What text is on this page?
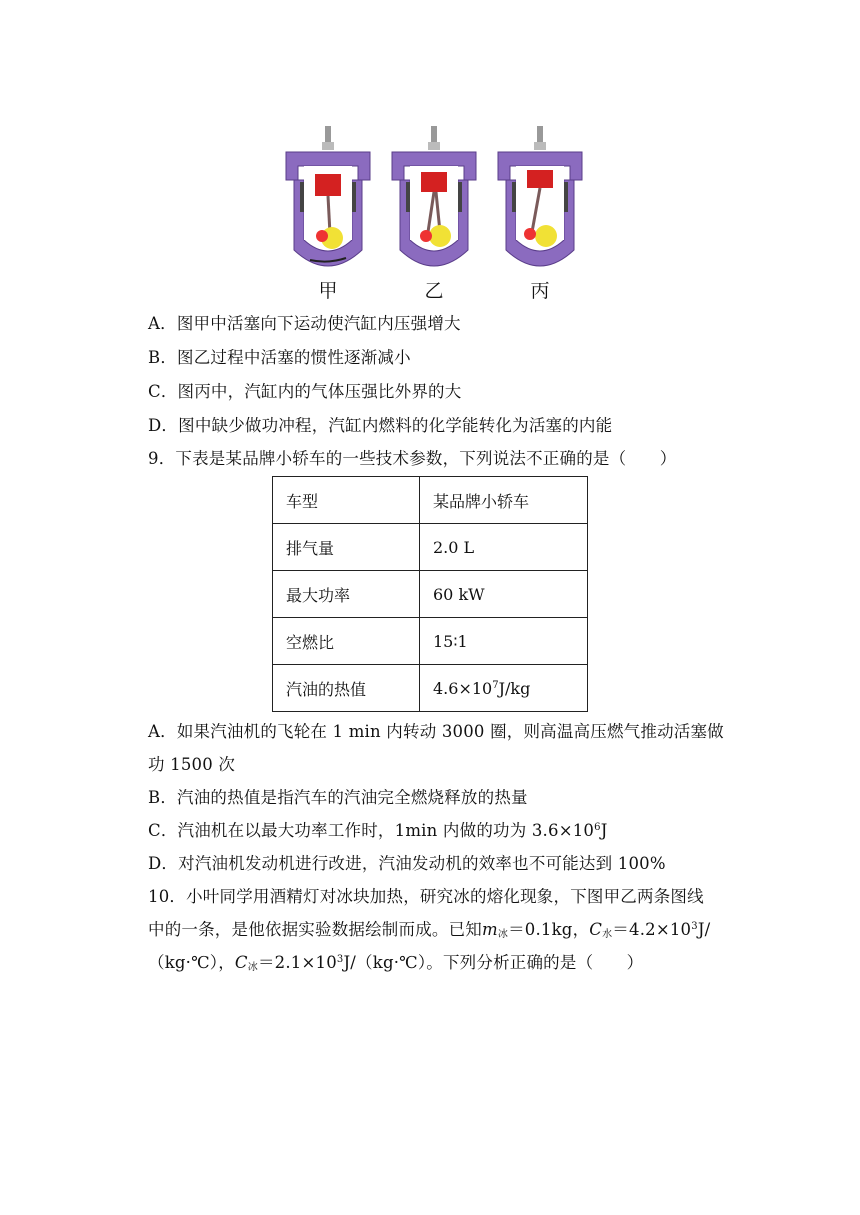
甲	乙	丙
A．图甲中活塞向下运动使汽缸内压强增大
B．图乙过程中活塞的惯性逐渐减小
C．图丙中，汽缸内的气体压强比外界的大
D．图中缺少做功冲程，汽缸内燃料的化学能转化为活塞的内能
9．下表是某品牌小轿车的一些技术参数，下列说法不正确的是（　　）
车型	某品牌小轿车
排气量	2.0 L
最大功率	60 kW
空燃比	15∶1
汽油的热值	$4.6\times 10^7J/kg$
A．如果汽油机的飞轮在 1 min 内转动 3000 圈，则高温高压燃气推动活塞做
功 1500 次
B．汽油的热值是指汽车的汽油完全燃烧释放的热量
C．汽油机在以最大功率工作时，1min 内做的功为 $3.6\times 10^6J$
D．对汽油机发动机进行改进，汽油发动机的效率也不可能达到 100%
10．小叶同学用酒精灯对冰块加热，研究冰的熔化现象，下图甲乙两条图线
中的一条，是他依据实验数据绘制而成。已知$m_冰=0.1kg$，$C_水=4.2\times 10^3J/$
（kg·℃），$C_冰=2.1\times 10^3J/(kg\cdot℃)$。下列分析正确的是（　　）
